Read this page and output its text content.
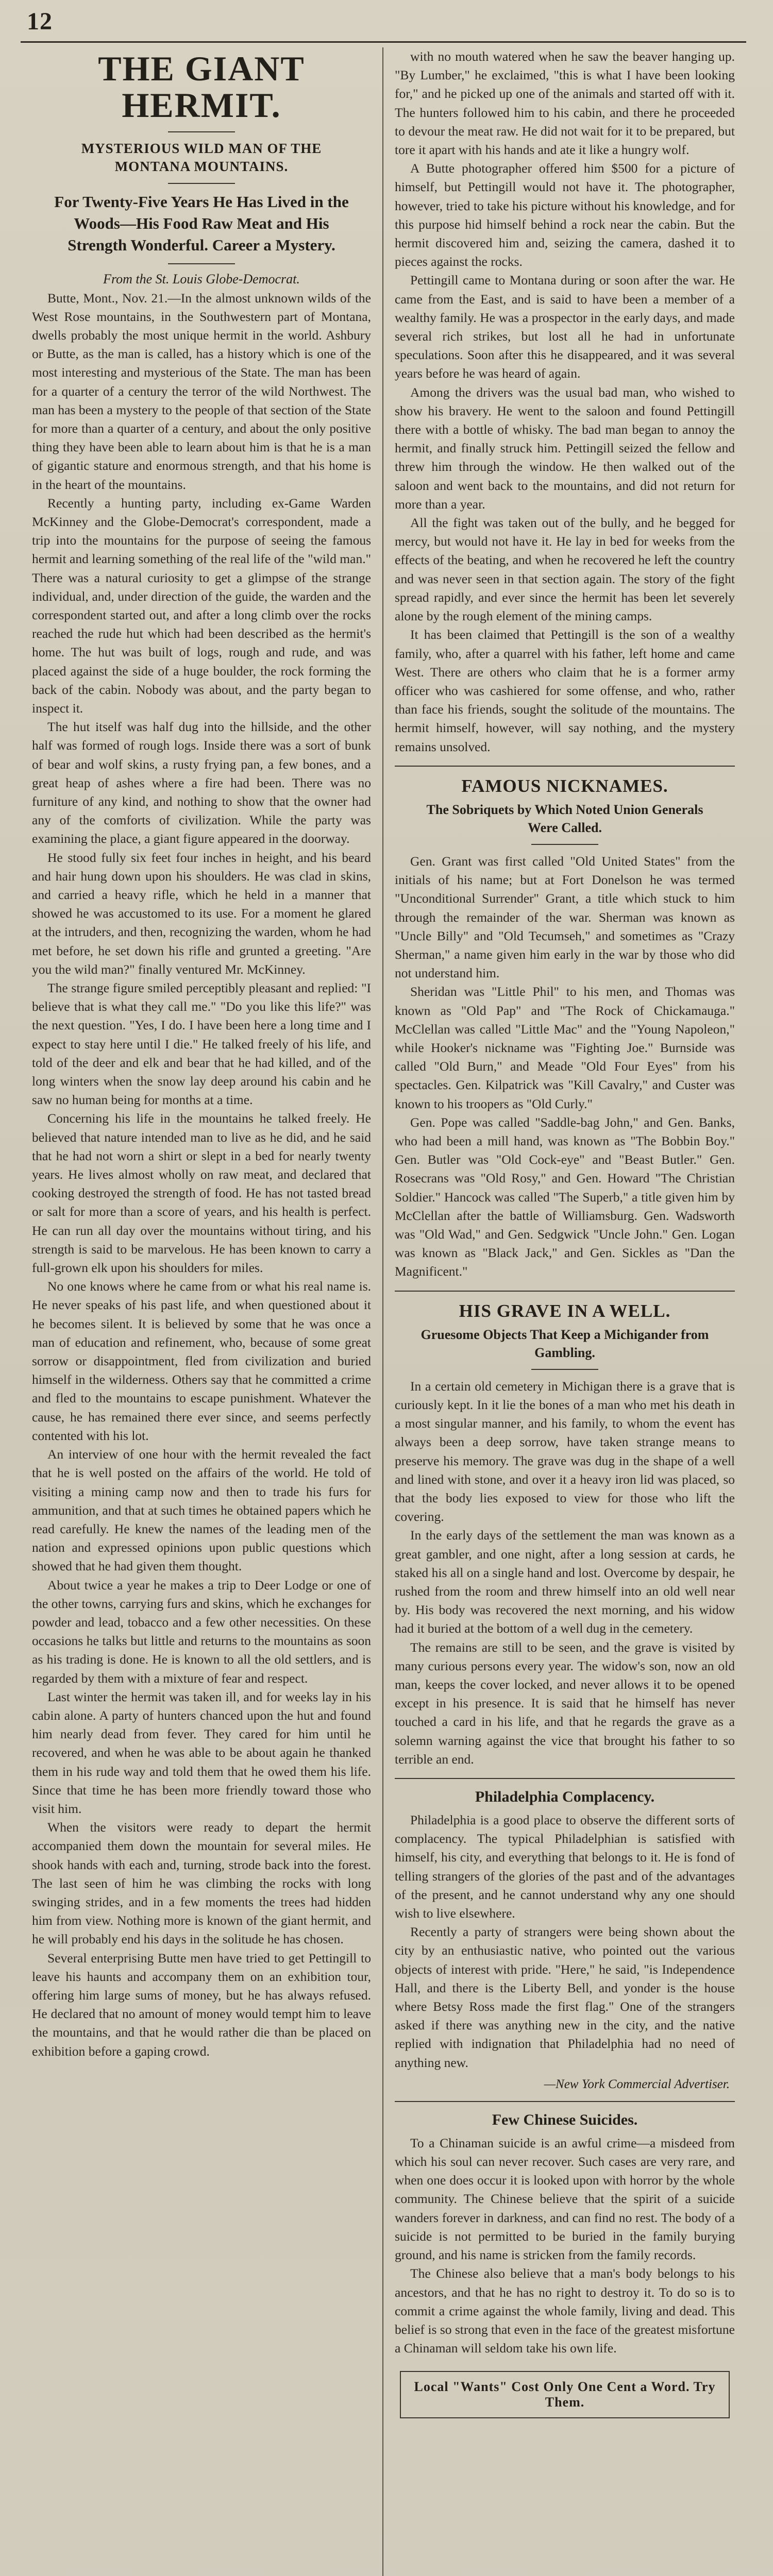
12
THE GIANT HERMIT.
MYSTERIOUS WILD MAN OF THE MONTANA MOUNTAINS.
For Twenty-Five Years He Has Lived in the Woods—His Food Raw Meat and His Strength Wonderful. Career a Mystery.
From the St. Louis Globe-Democrat.

Butte, Mont., Nov. 21.—In the almost unknown wilds of the West Rose mountains, in the Southwestern part of Montana, dwells probably the most unique hermit in the world. Ashbury or Butte, as the man is called, has a history which is one of the most interesting and mysterious of the State. The man has been for a quarter of a century the terror of the wild Northwest. The man has been a mystery to the people of that section of the State for more than a quarter of a century, and about the only positive thing they have been able to learn about him is that he is a man of gigantic stature and enormous strength, and that his home is in the heart of the mountains.

Recently a hunting party, including ex-Game Warden McKinney and the Globe-Democrat's correspondent, made a trip into the mountains for the purpose of seeing the famous hermit and learning something of the real life of the "wild man." There was a natural curiosity to get a glimpse of the strange individual, and, under direction of the guide, the warden and the correspondent started out, and after a long climb over the rocks reached the rude hut which had been described as the hermit's home. The hut was built of logs, rough and rude, and was placed against the side of a huge boulder, the rock forming the back of the cabin. Nobody was about, and the party began to inspect it.

The hut itself was half dug into the hillside, and the other half was formed of rough logs. Inside there was a sort of bunk of bear and wolf skins, a rusty frying pan, a few bones, and a great heap of ashes where a fire had been. There was no furniture of any kind, and nothing to show that the owner had any of the comforts of civilization. While the party was examining the place, a giant figure appeared in the doorway.

He stood fully six feet four inches in height, and his beard and hair hung down upon his shoulders. He was clad in skins, and carried a heavy rifle, which he held in a manner that showed he was accustomed to its use. For a moment he glared at the intruders, and then, recognizing the warden, whom he had met before, he set down his rifle and grunted a greeting. "Are you the wild man?" finally ventured Mr. McKinney.

The strange figure smiled perceptibly pleasant and replied: "I believe that is what they call me." "Do you like this life?" was the next question. "Yes, I do. I have been here a long time and I expect to stay here until I die." He talked freely of his life, and told of the deer and elk and bear that he had killed, and of the long winters when the snow lay deep around his cabin and he saw no human being for months at a time.

Concerning his life in the mountains he talked freely. He believed that nature intended man to live as he did, and he said that he had not worn a shirt or slept in a bed for nearly twenty years. He lives almost wholly on raw meat, and declared that cooking destroyed the strength of food. He has not tasted bread or salt for more than a score of years, and his health is perfect. He can run all day over the mountains without tiring, and his strength is said to be marvelous. He has been known to carry a full-grown elk upon his shoulders for miles.

No one knows where he came from or what his real name is. He never speaks of his past life, and when questioned about it he becomes silent. It is believed by some that he was once a man of education and refinement, who, because of some great sorrow or disappointment, fled from civilization and buried himself in the wilderness. Others say that he committed a crime and fled to the mountains to escape punishment. Whatever the cause, he has remained there ever since, and seems perfectly contented with his lot.

An interview of one hour with the hermit revealed the fact that he is well posted on the affairs of the world. He told of visiting a mining camp now and then to trade his furs for ammunition, and that at such times he obtained papers which he read carefully. He knew the names of the leading men of the nation and expressed opinions upon public questions which showed that he had given them thought.

About twice a year he makes a trip to Deer Lodge or one of the other towns, carrying furs and skins, which he exchanges for powder and lead, tobacco and a few other necessities. On these occasions he talks but little and returns to the mountains as soon as his trading is done. He is known to all the old settlers, and is regarded by them with a mixture of fear and respect.

Last winter the hermit was taken ill, and for weeks lay in his cabin alone. A party of hunters chanced upon the hut and found him nearly dead from fever. They cared for him until he recovered, and when he was able to be about again he thanked them in his rude way and told them that he owed them his life. Since that time he has been more friendly toward those who visit him.

When the visitors were ready to depart the hermit accompanied them down the mountain for several miles. He shook hands with each and, turning, strode back into the forest. The last seen of him he was climbing the rocks with long swinging strides, and in a few moments the trees had hidden him from view. Nothing more is known of the giant hermit, and he will probably end his days in the solitude he has chosen.

Several enterprising Butte men have tried to get Pettingill to leave his haunts and accompany them on an exhibition tour, offering him large sums of money, but he has always refused. He declared that no amount of money would tempt him to leave the mountains, and that he would rather die than be placed on exhibition before a gaping crowd.

with no mouth watered when he saw the beaver hanging up. "By Lumber," he exclaimed, "this is what I have been looking for," and he picked up one of the animals and started off with it. The hunters followed him to his cabin, and there he proceeded to devour the meat raw. He did not wait for it to be prepared, but tore it apart with his hands and ate it like a hungry wolf.

A Butte photographer offered him $500 for a picture of himself, but Pettingill would not have it. The photographer, however, tried to take his picture without his knowledge, and for this purpose hid himself behind a rock near the cabin. But the hermit discovered him and, seizing the camera, dashed it to pieces against the rocks.

Pettingill came to Montana during or soon after the war. He came from the East, and is said to have been a member of a wealthy family. He was a prospector in the early days, and made several rich strikes, but lost all he had in unfortunate speculations. Soon after this he disappeared, and it was several years before he was heard of again.

Among the drivers was the usual bad man, who wished to show his bravery. He went to the saloon and found Pettingill there with a bottle of whisky. The bad man began to annoy the hermit, and finally struck him. Pettingill seized the fellow and threw him through the window. He then walked out of the saloon and went back to the mountains, and did not return for more than a year.

All the fight was taken out of the bully, and he begged for mercy, but would not have it. He lay in bed for weeks from the effects of the beating, and when he recovered he left the country and was never seen in that section again. The story of the fight spread rapidly, and ever since the hermit has been let severely alone by the rough element of the mining camps.

It has been claimed that Pettingill is the son of a wealthy family, who, after a quarrel with his father, left home and came West. There are others who claim that he is a former army officer who was cashiered for some offense, and who, rather than face his friends, sought the solitude of the mountains. The hermit himself, however, will say nothing, and the mystery remains unsolved.

FAMOUS NICKNAMES.
The Sobriquets by Which Noted Union Generals Were Called.

Gen. Grant was first called "Old United States" from the initials of his name; but at Fort Donelson he was termed "Unconditional Surrender" Grant, a title which stuck to him through the remainder of the war. Sherman was known as "Uncle Billy" and "Old Tecumseh," and sometimes as "Crazy Sherman," a name given him early in the war by those who did not understand him.

Sheridan was "Little Phil" to his men, and Thomas was known as "Old Pap" and "The Rock of Chickamauga." McClellan was called "Little Mac" and the "Young Napoleon," while Hooker's nickname was "Fighting Joe." Burnside was called "Old Burn," and Meade "Old Four Eyes" from his spectacles. Gen. Kilpatrick was "Kill Cavalry," and Custer was known to his troopers as "Old Curly."

Gen. Pope was called "Saddle-bag John," and Gen. Banks, who had been a mill hand, was known as "The Bobbin Boy." Gen. Butler was "Old Cock-eye" and "Beast Butler." Gen. Rosecrans was "Old Rosy," and Gen. Howard "The Christian Soldier." Hancock was called "The Superb," a title given him by McClellan after the battle of Williamsburg. Gen. Wadsworth was "Old Wad," and Gen. Sedgwick "Uncle John." Gen. Logan was known as "Black Jack," and Gen. Sickles as "Dan the Magnificent."

HIS GRAVE IN A WELL.
Gruesome Objects That Keep a Michigander from Gambling.

In a certain old cemetery in Michigan there is a grave that is curiously kept. In it lie the bones of a man who met his death in a most singular manner, and his family, to whom the event has always been a deep sorrow, have taken strange means to preserve his memory. The grave was dug in the shape of a well and lined with stone, and over it a heavy iron lid was placed, so that the body lies exposed to view for those who lift the covering.

In the early days of the settlement the man was known as a great gambler, and one night, after a long session at cards, he staked his all on a single hand and lost. Overcome by despair, he rushed from the room and threw himself into an old well near by. His body was recovered the next morning, and his widow had it buried at the bottom of a well dug in the cemetery.

The remains are still to be seen, and the grave is visited by many curious persons every year. The widow's son, now an old man, keeps the cover locked, and never allows it to be opened except in his presence. It is said that he himself has never touched a card in his life, and that he regards the grave as a solemn warning against the vice that brought his father to so terrible an end.

Philadelphia Complacency.

Philadelphia is a good place to observe the different sorts of complacency. The typical Philadelphian is satisfied with himself, his city, and everything that belongs to it. He is fond of telling strangers of the glories of the past and of the advantages of the present, and he cannot understand why any one should wish to live elsewhere.

Recently a party of strangers were being shown about the city by an enthusiastic native, who pointed out the various objects of interest with pride. "Here," he said, "is Independence Hall, and there is the Liberty Bell, and yonder is the house where Betsy Ross made the first flag." One of the strangers asked if there was anything new in the city, and the native replied with indignation that Philadelphia had no need of anything new.

—New York Commercial Advertiser.
Few Chinese Suicides.

To a Chinaman suicide is an awful crime—a misdeed from which his soul can never recover. Such cases are very rare, and when one does occur it is looked upon with horror by the whole community. The Chinese believe that the spirit of a suicide wanders forever in darkness, and can find no rest. The body of a suicide is not permitted to be buried in the family burying ground, and his name is stricken from the family records.

The Chinese also believe that a man's body belongs to his ancestors, and that he has no right to destroy it. To do so is to commit a crime against the whole family, living and dead. This belief is so strong that even in the face of the greatest misfortune a Chinaman will seldom take his own life.

Local "Wants" Cost Only One Cent a Word. Try Them.
